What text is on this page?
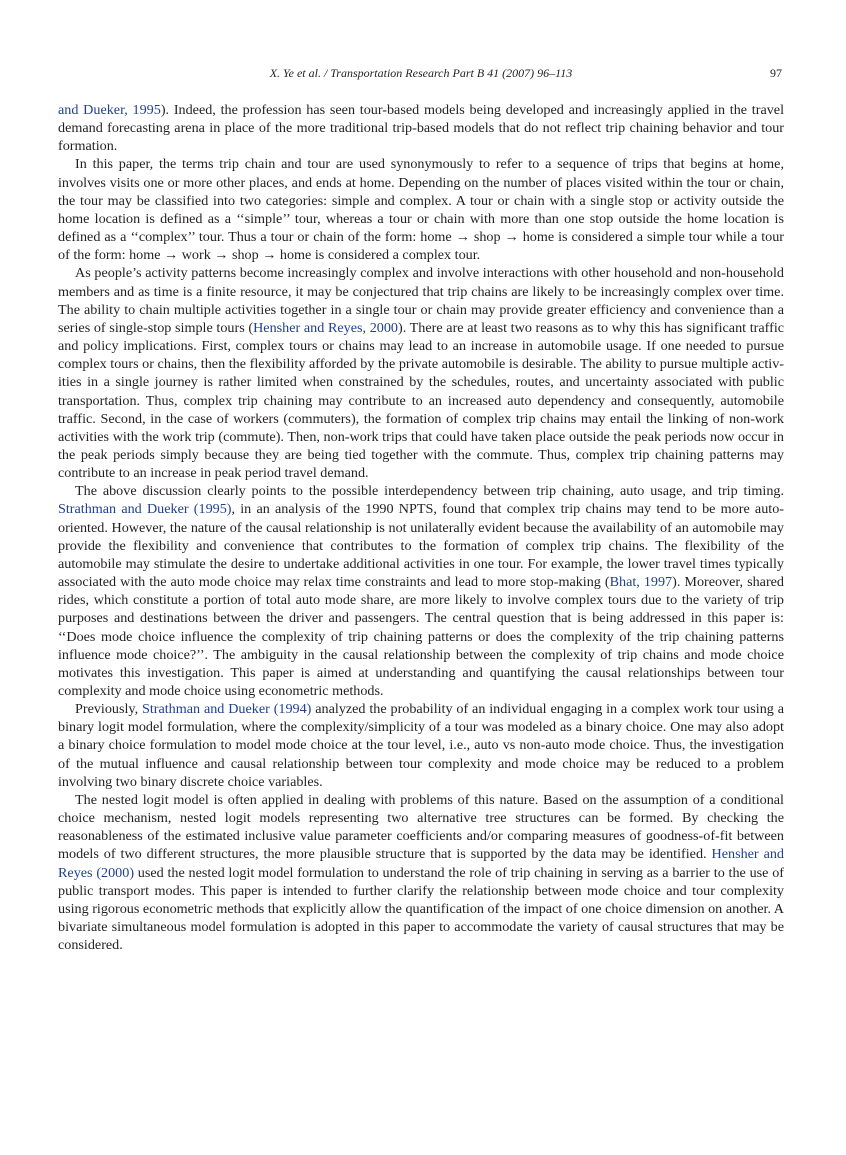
X. Ye et al. / Transportation Research Part B 41 (2007) 96–113	97

and Dueker, 1995). Indeed, the profession has seen tour-based models being developed and increasingly applied in the travel demand forecasting arena in place of the more traditional trip-based models that do not reflect trip chaining behavior and tour formation.

In this paper, the terms trip chain and tour are used synonymously to refer to a sequence of trips that begins at home, involves visits one or more other places, and ends at home. Depending on the number of places visited within the tour or chain, the tour may be classified into two categories: simple and complex. A tour or chain with a single stop or activity outside the home location is defined as a ‘‘simple’’ tour, whereas a tour or chain with more than one stop outside the home location is defined as a ‘‘complex’’ tour. Thus a tour or chain of the form: home → shop → home is considered a simple tour while a tour of the form: home → work → shop → home is considered a complex tour.

As people’s activity patterns become increasingly complex and involve interactions with other household and non-household members and as time is a finite resource, it may be conjectured that trip chains are likely to be increasingly complex over time. The ability to chain multiple activities together in a single tour or chain may provide greater efficiency and convenience than a series of single-stop simple tours (Hensher and Reyes, 2000). There are at least two reasons as to why this has significant traffic and policy implications. First, complex tours or chains may lead to an increase in automobile usage. If one needed to pursue complex tours or chains, then the flexibility afforded by the private automobile is desirable. The ability to pursue multiple activities in a single journey is rather limited when constrained by the schedules, routes, and uncertainty associated with public transportation. Thus, complex trip chaining may contribute to an increased auto dependency and consequently, automobile traffic. Second, in the case of workers (commuters), the formation of complex trip chains may entail the linking of non-work activities with the work trip (commute). Then, non-work trips that could have taken place outside the peak periods now occur in the peak periods simply because they are being tied together with the commute. Thus, complex trip chaining patterns may contribute to an increase in peak period travel demand.

The above discussion clearly points to the possible interdependency between trip chaining, auto usage, and trip timing. Strathman and Dueker (1995), in an analysis of the 1990 NPTS, found that complex trip chains may tend to be more auto-oriented. However, the nature of the causal relationship is not unilaterally evident because the availability of an automobile may provide the flexibility and convenience that contributes to the formation of complex trip chains. The flexibility of the automobile may stimulate the desire to undertake additional activities in one tour. For example, the lower travel times typically associated with the auto mode choice may relax time constraints and lead to more stop-making (Bhat, 1997). Moreover, shared rides, which constitute a portion of total auto mode share, are more likely to involve complex tours due to the variety of trip purposes and destinations between the driver and passengers. The central question that is being addressed in this paper is: ‘‘Does mode choice influence the complexity of trip chaining patterns or does the complexity of the trip chaining patterns influence mode choice?’’. The ambiguity in the causal relationship between the complexity of trip chains and mode choice motivates this investigation. This paper is aimed at understanding and quantifying the causal relationships between tour complexity and mode choice using econometric methods.

Previously, Strathman and Dueker (1994) analyzed the probability of an individual engaging in a complex work tour using a binary logit model formulation, where the complexity/simplicity of a tour was modeled as a binary choice. One may also adopt a binary choice formulation to model mode choice at the tour level, i.e., auto vs non-auto mode choice. Thus, the investigation of the mutual influence and causal relationship between tour complexity and mode choice may be reduced to a problem involving two binary discrete choice variables.

The nested logit model is often applied in dealing with problems of this nature. Based on the assumption of a conditional choice mechanism, nested logit models representing two alternative tree structures can be formed. By checking the reasonableness of the estimated inclusive value parameter coefficients and/or comparing measures of goodness-of-fit between models of two different structures, the more plausible structure that is supported by the data may be identified. Hensher and Reyes (2000) used the nested logit model formulation to understand the role of trip chaining in serving as a barrier to the use of public transport modes. This paper is intended to further clarify the relationship between mode choice and tour complexity using rigorous econometric methods that explicitly allow the quantification of the impact of one choice dimension on another. A bivariate simultaneous model formulation is adopted in this paper to accommodate the variety of causal structures that may be considered.
